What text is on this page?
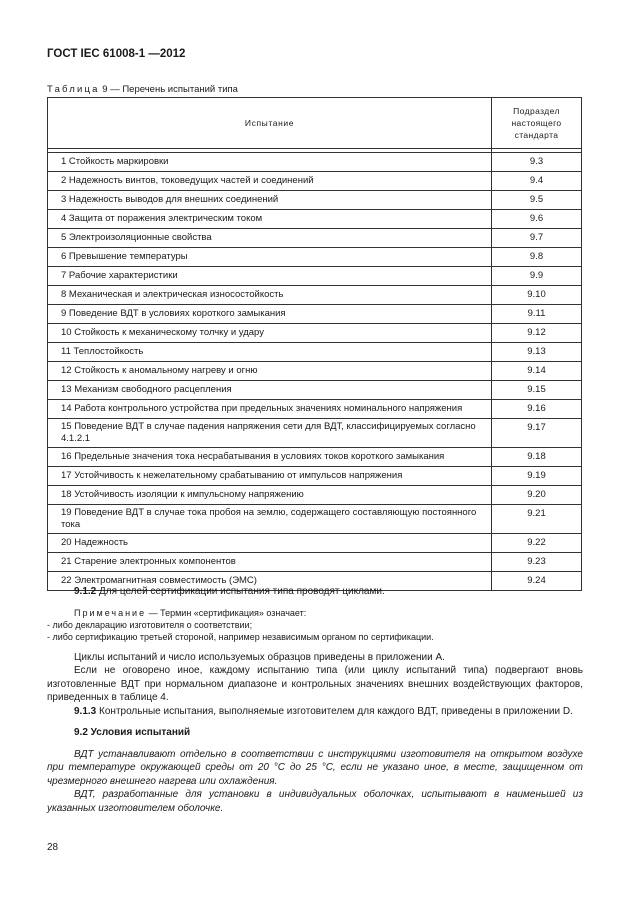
ГОСТ IEC 61008-1 —2012
Таблица 9 — Перечень испытаний типа
Испытание	Подраздел настоящего стандарта

1 Стойкость маркировки	9.3
2 Надежность винтов, токоведущих частей и соединений	9.4
3 Надежность выводов для внешних соединений	9.5
4 Защита от поражения электрическим током	9.6
5 Электроизоляционные свойства	9.7
6 Превышение температуры	9.8
7 Рабочие характеристики	9.9
8 Механическая и электрическая износостойкость	9.10
9 Поведение ВДТ в условиях короткого замыкания	9.11
10 Стойкость к механическому толчку и удару	9.12
11 Теплостойкость	9.13
12 Стойкость к аномальному нагреву и огню	9.14
13 Механизм свободного расцепления	9.15
14 Работа контрольного устройства при предельных значениях номинального напряжения	9.16
15 Поведение ВДТ в случае падения напряжения сети для ВДТ, классифицируемых согласно 4.1.2.1	9.17
16 Предельные значения тока несрабатывания в условиях токов короткого замыкания	9.18
17 Устойчивость к нежелательному срабатыванию от импульсов напряжения	9.19
18 Устойчивость изоляции к импульсному напряжению	9.20
19 Поведение ВДТ в случае тока пробоя на землю, содержащего составляющую постоянного тока	9.21
20 Надежность	9.22
21 Старение электронных компонентов	9.23
22 Электромагнитная совместимость (ЭМС)	9.24

9.1.2 Для целей сертификации испытания типа проводят циклами.

Примечание — Термин «сертификация» означает:

- либо декларацию изготовителя о соответствии;

- либо сертификацию третьей стороной, например независимым органом по сертификации.

Циклы испытаний и число используемых образцов приведены в приложении А.

Если не оговорено иное, каждому испытанию типа (или циклу испытаний типа) подвергают вновь изготовленные ВДТ при нормальном диапазоне и контрольных значениях внешних воздействующих факторов, приведенных в таблице 4.

9.1.3 Контрольные испытания, выполняемые изготовителем для каждого ВДТ, приведены в приложении D.

9.2 Условия испытаний

ВДТ устанавливают отдельно в соответствии с инструкциями изготовителя на открытом воздухе при температуре окружающей среды от 20 °С до 25 °С, если не указано иное, в месте, защищенном от чрезмерного внешнего нагрева или охлаждения.

ВДТ, разработанные для установки в индивидуальных оболочках, испытывают в наименьшей из указанных изготовителем оболочке.

28
